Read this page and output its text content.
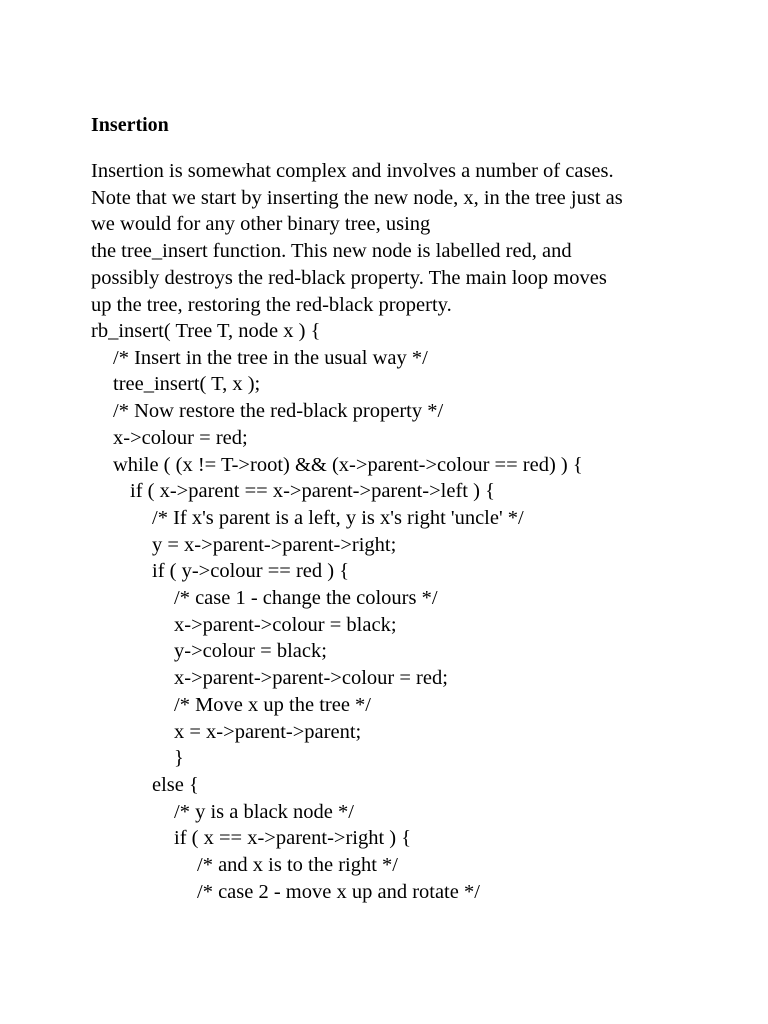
Insertion
Insertion is somewhat complex and involves a number of cases.
Note that we start by inserting the new node, x, in the tree just as
we would for any other binary tree, using
the tree_insert function. This new node is labelled red, and
possibly destroys the red-black property. The main loop moves
up the tree, restoring the red-black property.
rb_insert( Tree T, node x ) {
/* Insert in the tree in the usual way */
tree_insert( T, x );
/* Now restore the red-black property */
x->colour = red;
while ( (x != T->root) && (x->parent->colour == red) ) {
if ( x->parent == x->parent->parent->left ) {
/* If x's parent is a left, y is x's right 'uncle' */
y = x->parent->parent->right;
if ( y->colour == red ) {
/* case 1 - change the colours */
x->parent->colour = black;
y->colour = black;
x->parent->parent->colour = red;
/* Move x up the tree */
x = x->parent->parent;
}
else {
/* y is a black node */
if ( x == x->parent->right ) {
/* and x is to the right */
/* case 2 - move x up and rotate */
